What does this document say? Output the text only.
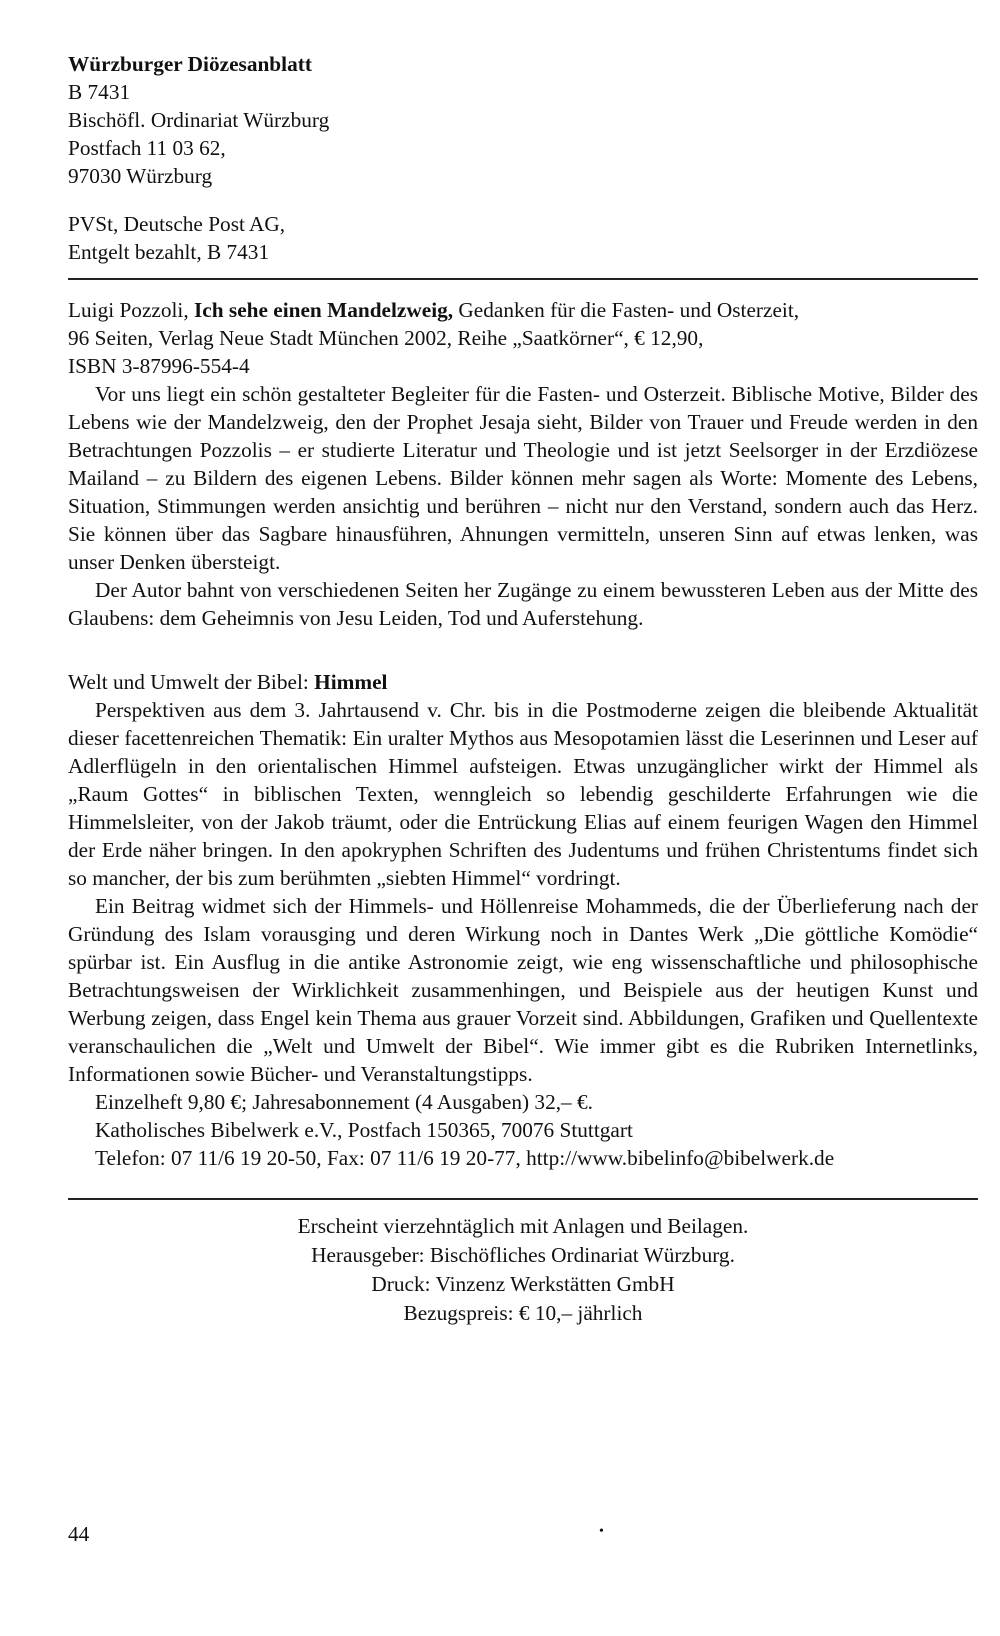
Würzburger Diözesanblatt
B 7431
Bischöfl. Ordinariat Würzburg
Postfach 11 03 62,
97030 Würzburg
PVSt, Deutsche Post AG,
Entgelt bezahlt, B 7431
Luigi Pozzoli, Ich sehe einen Mandelzweig, Gedanken für die Fasten- und Osterzeit,
96 Seiten, Verlag Neue Stadt München 2002, Reihe „Saatkörner“, € 12,90,
ISBN 3-87996-554-4

Vor uns liegt ein schön gestalteter Begleiter für die Fasten- und Osterzeit. Biblische Motive, Bilder des Lebens wie der Mandelzweig, den der Prophet Jesaja sieht, Bilder von Trauer und Freude werden in den Betrachtungen Pozzolis – er studierte Literatur und Theologie und ist jetzt Seelsorger in der Erzdiözese Mailand – zu Bildern des eigenen Lebens. Bilder können mehr sagen als Worte: Momente des Lebens, Situation, Stimmungen werden ansichtig und berühren – nicht nur den Verstand, sondern auch das Herz. Sie können über das Sagbare hinausführen, Ahnungen vermitteln, unseren Sinn auf etwas lenken, was unser Denken übersteigt.

Der Autor bahnt von verschiedenen Seiten her Zugänge zu einem bewussteren Leben aus der Mitte des Glaubens: dem Geheimnis von Jesu Leiden, Tod und Auferstehung.

Welt und Umwelt der Bibel: Himmel

Perspektiven aus dem 3. Jahrtausend v. Chr. bis in die Postmoderne zeigen die bleibende Aktualität dieser facettenreichen Thematik: Ein uralter Mythos aus Mesopotamien lässt die Leserinnen und Leser auf Adlerflügeln in den orientalischen Himmel aufsteigen. Etwas unzugänglicher wirkt der Himmel als „Raum Gottes“ in biblischen Texten, wenngleich so lebendig geschilderte Erfahrungen wie die Himmelsleiter, von der Jakob träumt, oder die Entrückung Elias auf einem feurigen Wagen den Himmel der Erde näher bringen. In den apokryphen Schriften des Judentums und frühen Christentums findet sich so mancher, der bis zum berühmten „siebten Himmel“ vordringt.

Ein Beitrag widmet sich der Himmels- und Höllenreise Mohammeds, die der Überlieferung nach der Gründung des Islam vorausging und deren Wirkung noch in Dantes Werk „Die göttliche Komödie“ spürbar ist. Ein Ausflug in die antike Astronomie zeigt, wie eng wissenschaftliche und philosophische Betrachtungsweisen der Wirklichkeit zusammenhingen, und Beispiele aus der heutigen Kunst und Werbung zeigen, dass Engel kein Thema aus grauer Vorzeit sind. Abbildungen, Grafiken und Quellentexte veranschaulichen die „Welt und Umwelt der Bibel“. Wie immer gibt es die Rubriken Internetlinks, Informationen sowie Bücher- und Veranstaltungstipps.

Einzelheft 9,80 €; Jahresabonnement (4 Ausgaben) 32,– €.

Katholisches Bibelwerk e.V., Postfach 150365, 70076 Stuttgart

Telefon: 07 11/6 19 20-50, Fax: 07 11/6 19 20-77, http://www.bibelinfo@bibelwerk.de

Erscheint vierzehntäglich mit Anlagen und Beilagen.
Herausgeber: Bischöfliches Ordinariat Würzburg.
Druck: Vinzenz Werkstätten GmbH
Bezugspreis: € 10,– jährlich
44	•
